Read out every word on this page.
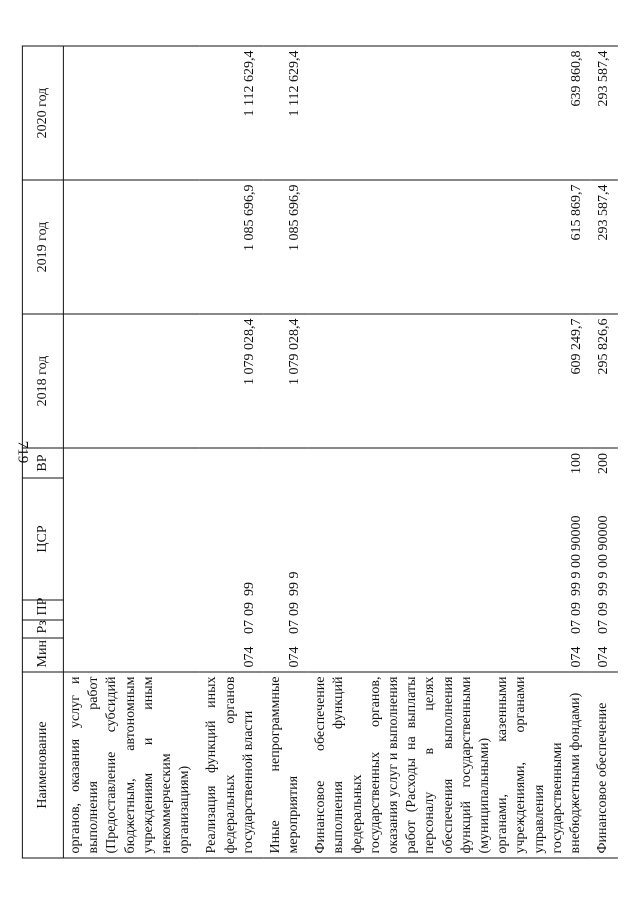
719
Наименование	Мин	Рз	ПР	ЦСР	ВР	2018 год	2019 год	2020 год
органов, оказания услуг и выполнения работ (Предоставление субсидий бюджетным, автономным учреждениям и иным некоммерческим организациям)								
Реализация функций иных федеральных органов государственной власти	074	07	09	99		1 079 028,4	1 085 696,9	1 112 629,4
Иные непрограммные мероприятия	074	07	09	99 9		1 079 028,4	1 085 696,9	1 112 629,4
Финансовое обеспечение выполнения функций федеральных государственных органов, оказания услуг и выполнения работ (Расходы на выплаты персоналу в целях обеспечения выполнения функций государственными (муниципальными) органами, казенными учреждениями, органами управления государственными внебюджетными фондами)	074	07	09	99 9 00 90000	100	609 249,7	615 869,7	639 860,8
Финансовое обеспечение	074	07	09	99 9 00 90000	200	295 826,6	293 587,4	293 587,4
